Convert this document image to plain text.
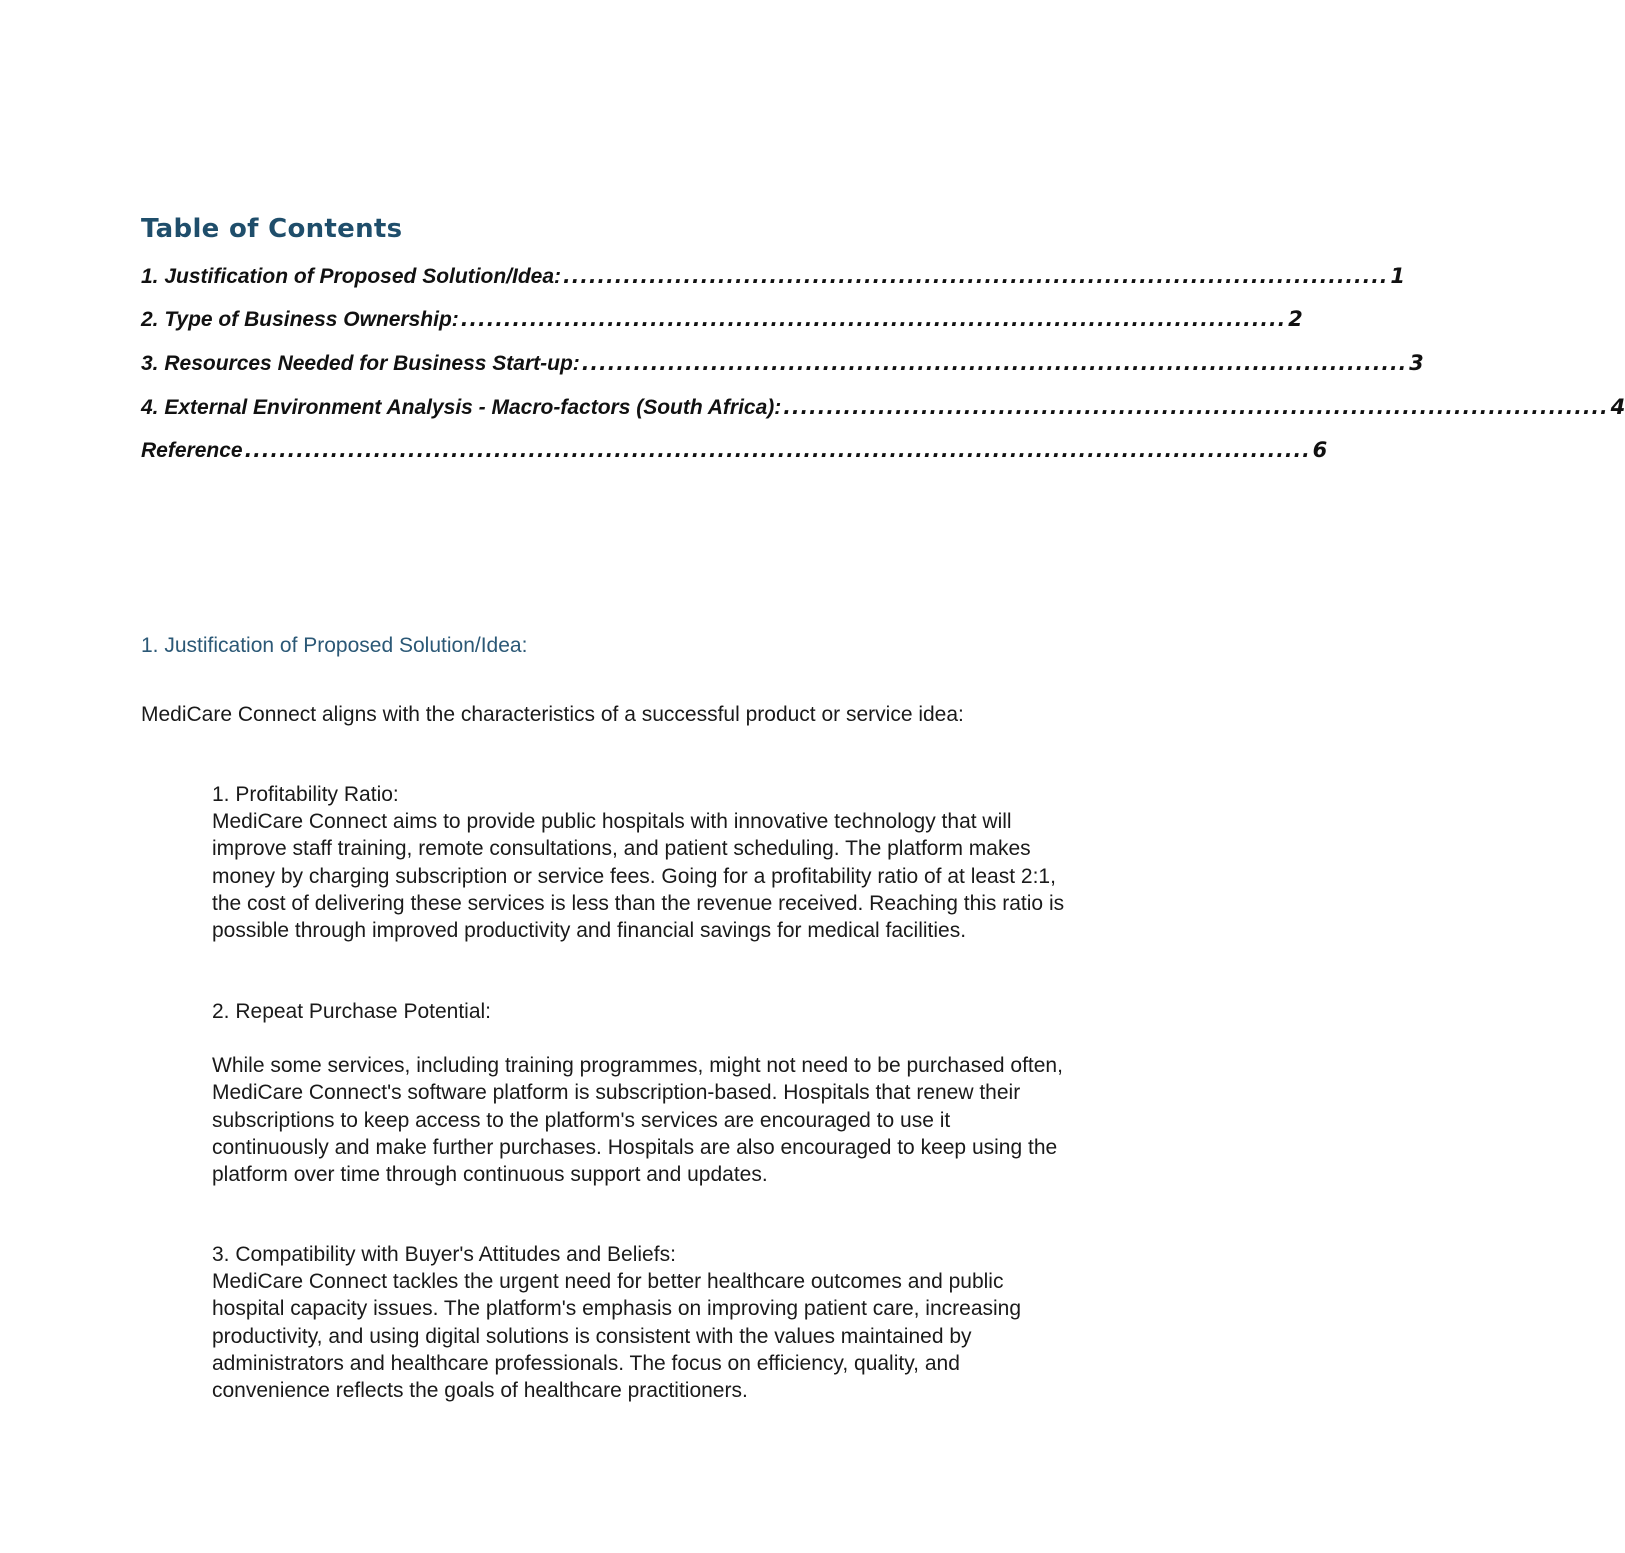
Table of Contents
1. Justification of Proposed Solution/Idea: ................................................................................................ 1
2. Type of Business Ownership: ................................................................................................ 2
3. Resources Needed for Business Start-up: ................................................................................................ 3
4. External Environment Analysis - Macro-factors (South Africa): ................................................................................................ 4
Reference ............................................................................................................................ 6
1. Justification of Proposed Solution/Idea:

MediCare Connect aligns with the characteristics of a successful product or service idea:

1. Profitability Ratio:

MediCare Connect aims to provide public hospitals with innovative technology that will improve staff training, remote consultations, and patient scheduling. The platform makes money by charging subscription or service fees. Going for a profitability ratio of at least 2:1, the cost of delivering these services is less than the revenue received. Reaching this ratio is possible through improved productivity and financial savings for medical facilities.

2. Repeat Purchase Potential:

While some services, including training programmes, might not need to be purchased often, MediCare Connect's software platform is subscription-based. Hospitals that renew their subscriptions to keep access to the platform's services are encouraged to use it continuously and make further purchases. Hospitals are also encouraged to keep using the platform over time through continuous support and updates.

3. Compatibility with Buyer's Attitudes and Beliefs:

MediCare Connect tackles the urgent need for better healthcare outcomes and public hospital capacity issues. The platform's emphasis on improving patient care, increasing productivity, and using digital solutions is consistent with the values maintained by administrators and healthcare professionals. The focus on efficiency, quality, and convenience reflects the goals of healthcare practitioners.
